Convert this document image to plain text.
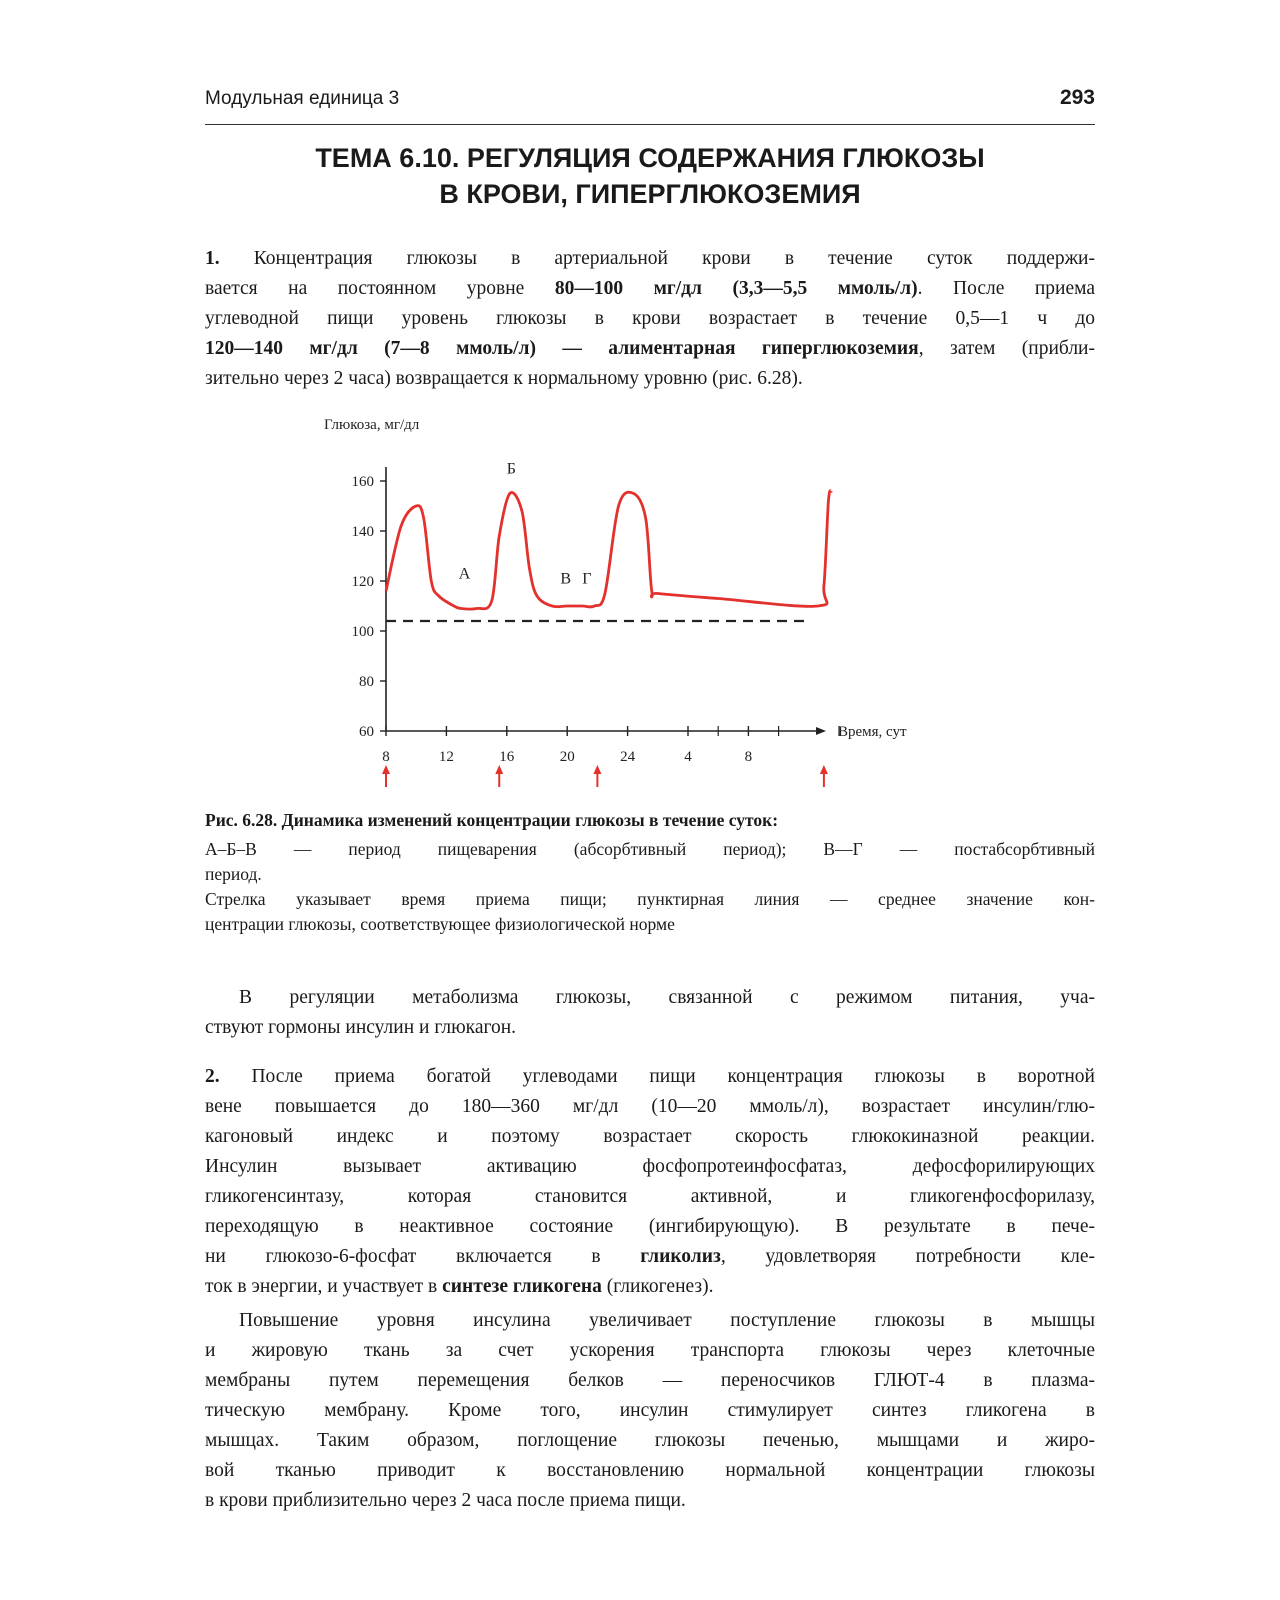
Модульная единица 3	293
ТЕМА 6.10. РЕГУЛЯЦИЯ СОДЕРЖАНИЯ ГЛЮКОЗЫ
В КРОВИ, ГИПЕРГЛЮКОЗЕМИЯ
1. Концентрация глюкозы в артериальной крови в течение суток поддержи-
вается на постоянном уровне 80—100 мг/дл (3,3—5,5 ммоль/л). После приема
углеводной пищи уровень глюкозы в крови возрастает в течение 0,5—1 ч до
120—140 мг/дл (7—8 ммоль/л) — алиментарная гиперглюкоземия, затем (прибли-
зительно через 2 часа) возвращается к нормальному уровню (рис. 6.28).
Глюкоза, мг/дл
Время, сут
160
140
120
100
80
60
8	12	16	20	24	4	8
А
Б
В Г
Рис. 6.28. Динамика изменений концентрации глюкозы в течение суток:
А–Б–В — период пищеварения (абсорбтивный период); В—Г — постабсорбтивный
период.
Стрелка указывает время приема пищи; пунктирная линия — среднее значение кон-
центрации глюкозы, соответствующее физиологической норме
В регуляции метаболизма глюкозы, связанной с режимом питания, уча-
ствуют гормоны инсулин и глюкагон.
2. После приема богатой углеводами пищи концентрация глюкозы в воротной
вене повышается до 180—360 мг/дл (10—20 ммоль/л), возрастает инсулин/глю-
кагоновый индекс и поэтому возрастает скорость глюкокиназной реакции.
Инсулин вызывает активацию фосфопротеинфосфатаз, дефосфорилирующих
гликогенсинтазу, которая становится активной, и гликогенфосфорилазу,
переходящую в неактивное состояние (ингибирующую). В результате в пече-
ни глюкозо-6-фосфат включается в гликолиз, удовлетворяя потребности кле-
ток в энергии, и участвует в синтезе гликогена (гликогенез).
Повышение уровня инсулина увеличивает поступление глюкозы в мышцы
и жировую ткань за счет ускорения транспорта глюкозы через клеточные
мембраны путем перемещения белков — переносчиков ГЛЮТ-4 в плазма-
тическую мембрану. Кроме того, инсулин стимулирует синтез гликогена в
мышцах. Таким образом, поглощение глюкозы печенью, мышцами и жиро-
вой тканью приводит к восстановлению нормальной концентрации глюкозы
в крови приблизительно через 2 часа после приема пищи.
